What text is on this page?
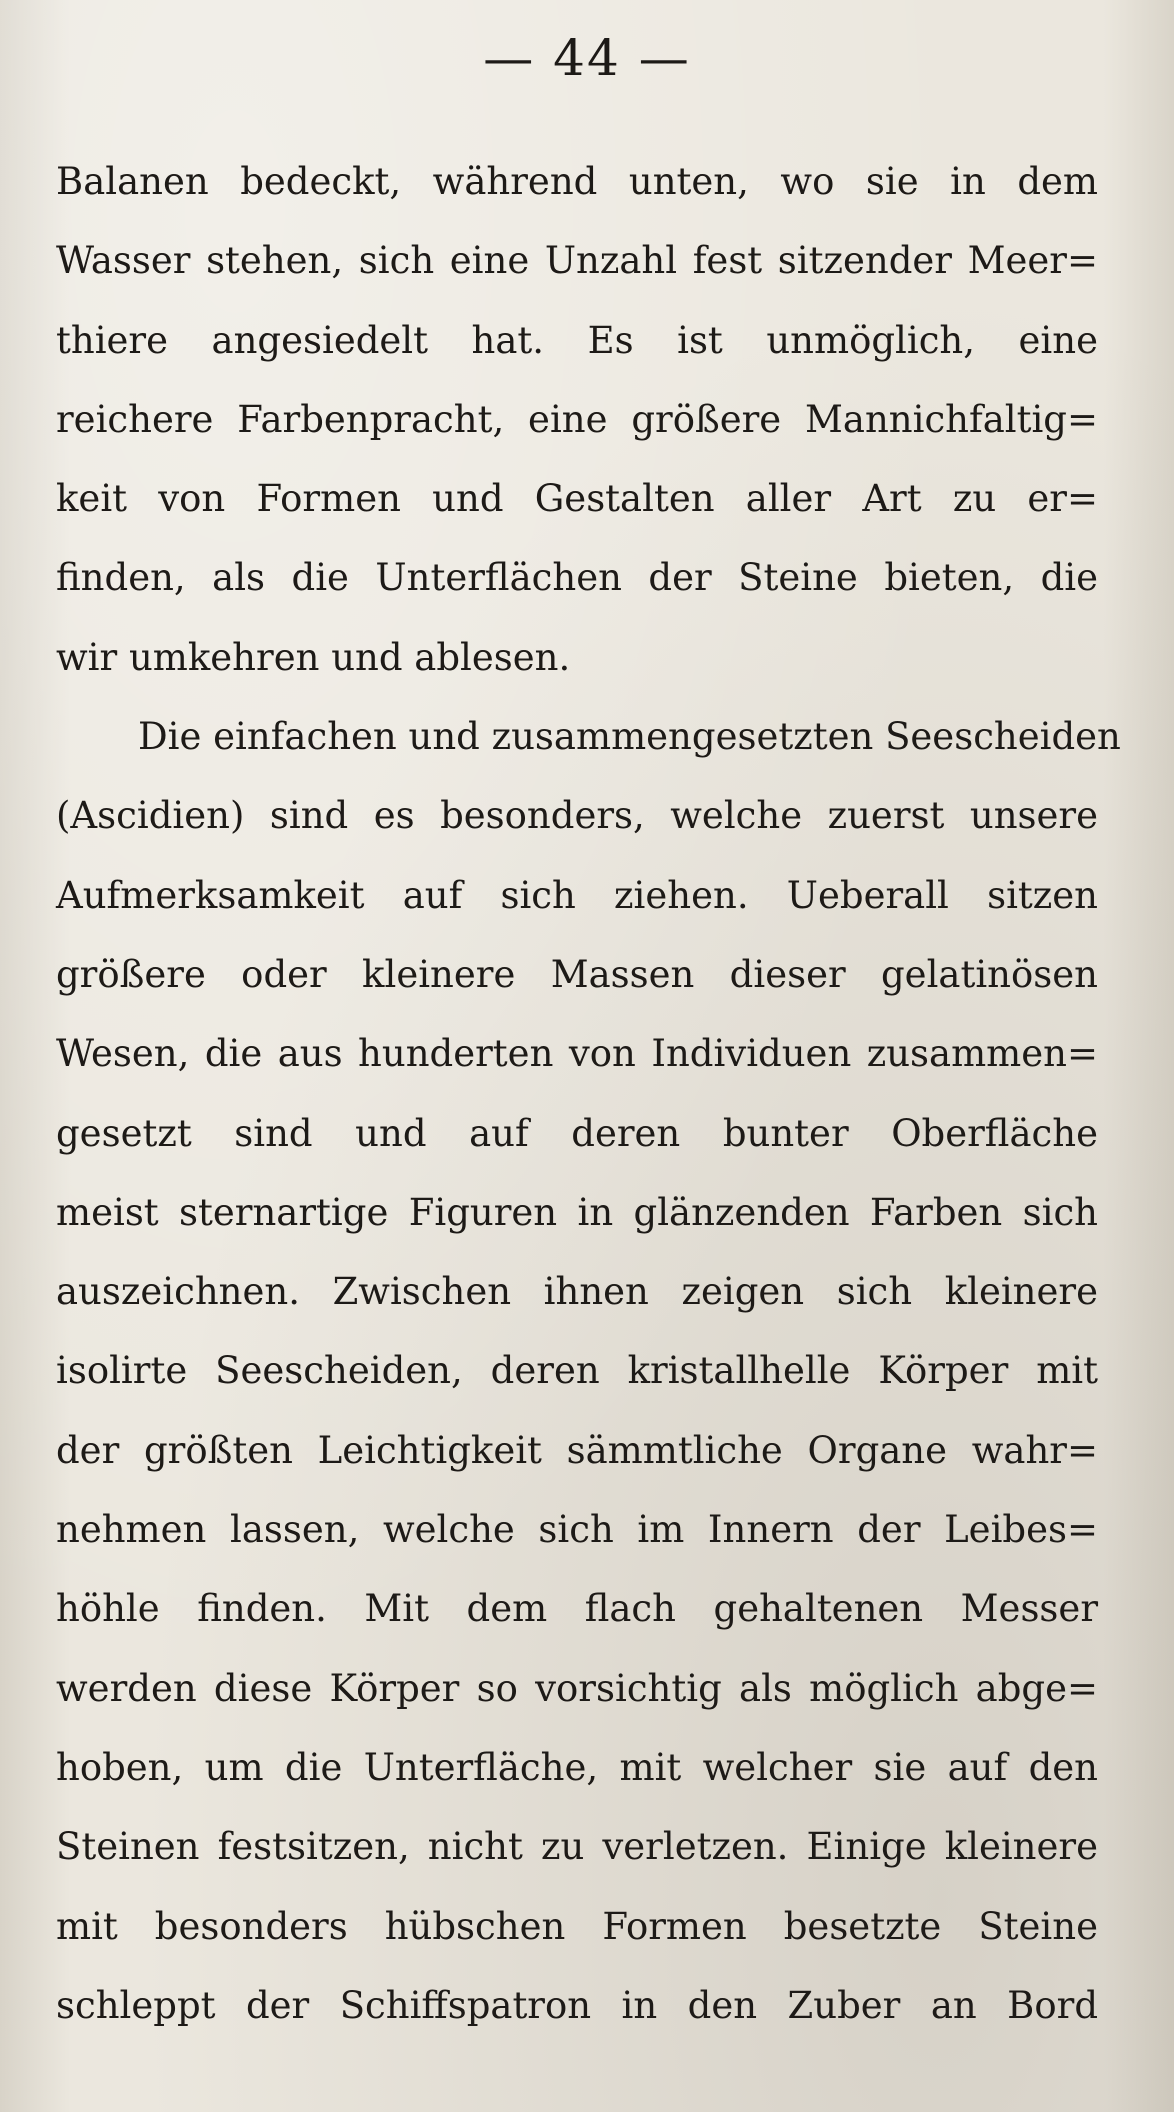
— 44 —
Balanen bedeckt, während unten, wo sie in dem
Wasser stehen, sich eine Unzahl fest sitzender Meer=
thiere angesiedelt hat. Es ist unmöglich, eine
reichere Farbenpracht, eine größere Mannichfaltig=
keit von Formen und Gestalten aller Art zu er=
finden, als die Unterflächen der Steine bieten, die
wir umkehren und ablesen.
Die einfachen und zusammengesetzten Seescheiden
(Ascidien) sind es besonders, welche zuerst unsere
Aufmerksamkeit auf sich ziehen. Ueberall sitzen
größere oder kleinere Massen dieser gelatinösen
Wesen, die aus hunderten von Individuen zusammen=
gesetzt sind und auf deren bunter Oberfläche
meist sternartige Figuren in glänzenden Farben sich
auszeichnen. Zwischen ihnen zeigen sich kleinere
isolirte Seescheiden, deren kristallhelle Körper mit
der größten Leichtigkeit sämmtliche Organe wahr=
nehmen lassen, welche sich im Innern der Leibes=
höhle finden. Mit dem flach gehaltenen Messer
werden diese Körper so vorsichtig als möglich abge=
hoben, um die Unterfläche, mit welcher sie auf den
Steinen festsitzen, nicht zu verletzen. Einige kleinere
mit besonders hübschen Formen besetzte Steine
schleppt der Schiffspatron in den Zuber an Bord
